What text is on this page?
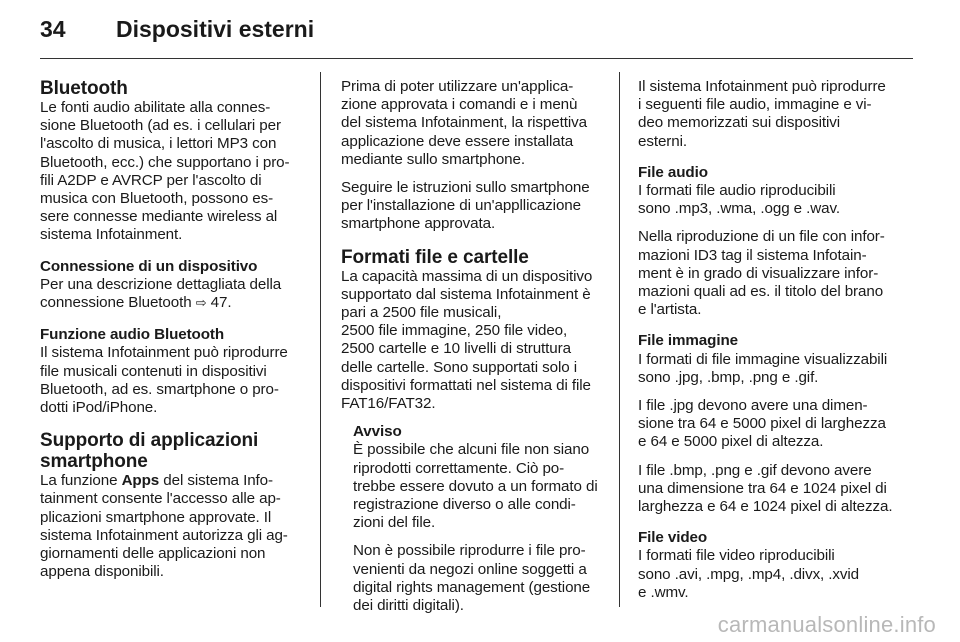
34	Dispositivi esterni
Bluetooth
Le fonti audio abilitate alla connes-
sione Bluetooth (ad es. i cellulari per
l'ascolto di musica, i lettori MP3 con
Bluetooth, ecc.) che supportano i pro-
fili A2DP e AVRCP per l'ascolto di
musica con Bluetooth, possono es-
sere connesse mediante wireless al
sistema Infotainment.
Connessione di un dispositivo
Per una descrizione dettagliata della
connessione Bluetooth ⇨ 47.
Funzione audio Bluetooth
Il sistema Infotainment può riprodurre
file musicali contenuti in dispositivi
Bluetooth, ad es. smartphone o pro-
dotti iPod/iPhone.
Supporto di applicazioni
smartphone
La funzione Apps del sistema Info-
tainment consente l'accesso alle ap-
plicazioni smartphone approvate. Il
sistema Infotainment autorizza gli ag-
giornamenti delle applicazioni non
appena disponibili.
Prima di poter utilizzare un'applica-
zione approvata i comandi e i menù
del sistema Infotainment, la rispettiva
applicazione deve essere installata
mediante sullo smartphone.
Seguire le istruzioni sullo smartphone
per l'installazione di un'appllicazione
smartphone approvata.
Formati file e cartelle
La capacità massima di un dispositivo
supportato dal sistema Infotainment è
pari a 2500 file musicali,
2500 file immagine, 250 file video,
2500 cartelle e 10 livelli di struttura
delle cartelle. Sono supportati solo i
dispositivi formattati nel sistema di file
FAT16/FAT32.
Avviso
È possibile che alcuni file non siano
riprodotti correttamente. Ciò po-
trebbe essere dovuto a un formato di
registrazione diverso o alle condi-
zioni del file.
Non è possibile riprodurre i file pro-
venienti da negozi online soggetti a
digital rights management (gestione
dei diritti digitali).
Il sistema Infotainment può riprodurre
i seguenti file audio, immagine e vi-
deo memorizzati sui dispositivi
esterni.
File audio
I formati file audio riproducibili
sono .mp3, .wma, .ogg e .wav.
Nella riproduzione di un file con infor-
mazioni ID3 tag il sistema Infotain-
ment è in grado di visualizzare infor-
mazioni quali ad es. il titolo del brano
e l'artista.
File immagine
I formati di file immagine visualizzabili
sono .jpg, .bmp, .png e .gif.
I file .jpg devono avere una dimen-
sione tra 64 e 5000 pixel di larghezza
e 64 e 5000 pixel di altezza.
I file .bmp, .png e .gif devono avere
una dimensione tra 64 e 1024 pixel di
larghezza e 64 e 1024 pixel di altezza.
File video
I formati file video riproducibili
sono .avi, .mpg, .mp4, .divx, .xvid
e .wmv.
carmanualsonline.info
